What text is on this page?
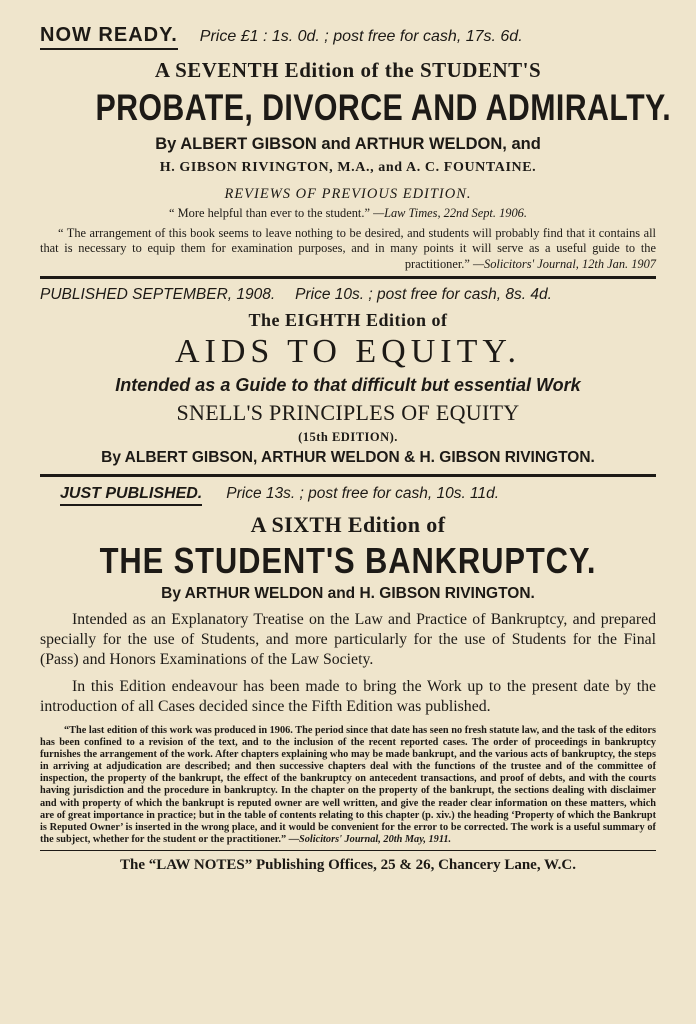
NOW READY. Price £1 : 1s. 0d. ; post free for cash, 17s. 6d.
A SEVENTH Edition of the STUDENT'S
PROBATE, DIVORCE AND ADMIRALTY.
By ALBERT GIBSON and ARTHUR WELDON, and
H. GIBSON RIVINGTON, M.A., and A. C. FOUNTAINE.
REVIEWS OF PREVIOUS EDITION.
“ More helpful than ever to the student.” —Law Times, 22nd Sept. 1906.
“ The arrangement of this book seems to leave nothing to be desired, and students will probably find that it contains all that is necessary to equip them for examination purposes, and in many points it will serve as a useful guide to the practitioner.” —Solicitors' Journal, 12th Jan. 1907
PUBLISHED SEPTEMBER, 1908. Price 10s. ; post free for cash, 8s. 4d.
The EIGHTH Edition of
AIDS TO EQUITY.
Intended as a Guide to that difficult but essential Work
SNELL'S PRINCIPLES OF EQUITY
(15th EDITION).
By ALBERT GIBSON, ARTHUR WELDON & H. GIBSON RIVINGTON.
JUST PUBLISHED. Price 13s. ; post free for cash, 10s. 11d.
A SIXTH Edition of
THE STUDENT'S BANKRUPTCY.
By ARTHUR WELDON and H. GIBSON RIVINGTON.

Intended as an Explanatory Treatise on the Law and Practice of Bankruptcy, and prepared specially for the use of Students, and more particularly for the use of Students for the Final (Pass) and Honors Examinations of the Law Society.

In this Edition endeavour has been made to bring the Work up to the present date by the introduction of all Cases decided since the Fifth Edition was published.

“The last edition of this work was produced in 1906. The period since that date has seen no fresh statute law, and the task of the editors has been confined to a revision of the text, and to the inclusion of the recent reported cases. The order of proceedings in bankruptcy furnishes the arrangement of the work. After chapters explaining who may be made bankrupt, and the various acts of bankruptcy, the steps in arriving at adjudication are described; and then successive chapters deal with the functions of the trustee and of the committee of inspection, the property of the bankrupt, the effect of the bankruptcy on antecedent transactions, and proof of debts, and with the courts having jurisdiction and the procedure in bankruptcy. In the chapter on the property of the bankrupt, the sections dealing with disclaimer and with property of which the bankrupt is reputed owner are well written, and give the reader clear information on these matters, which are of great importance in practice; but in the table of contents relating to this chapter (p. xiv.) the heading ‘Property of which the Bankrupt is Reputed Owner’ is inserted in the wrong place, and it would be convenient for the error to be corrected. The work is a useful summary of the subject, whether for the student or the practitioner.” —Solicitors' Journal, 20th May, 1911.
The “LAW NOTES” Publishing Offices, 25 & 26, Chancery Lane, W.C.
